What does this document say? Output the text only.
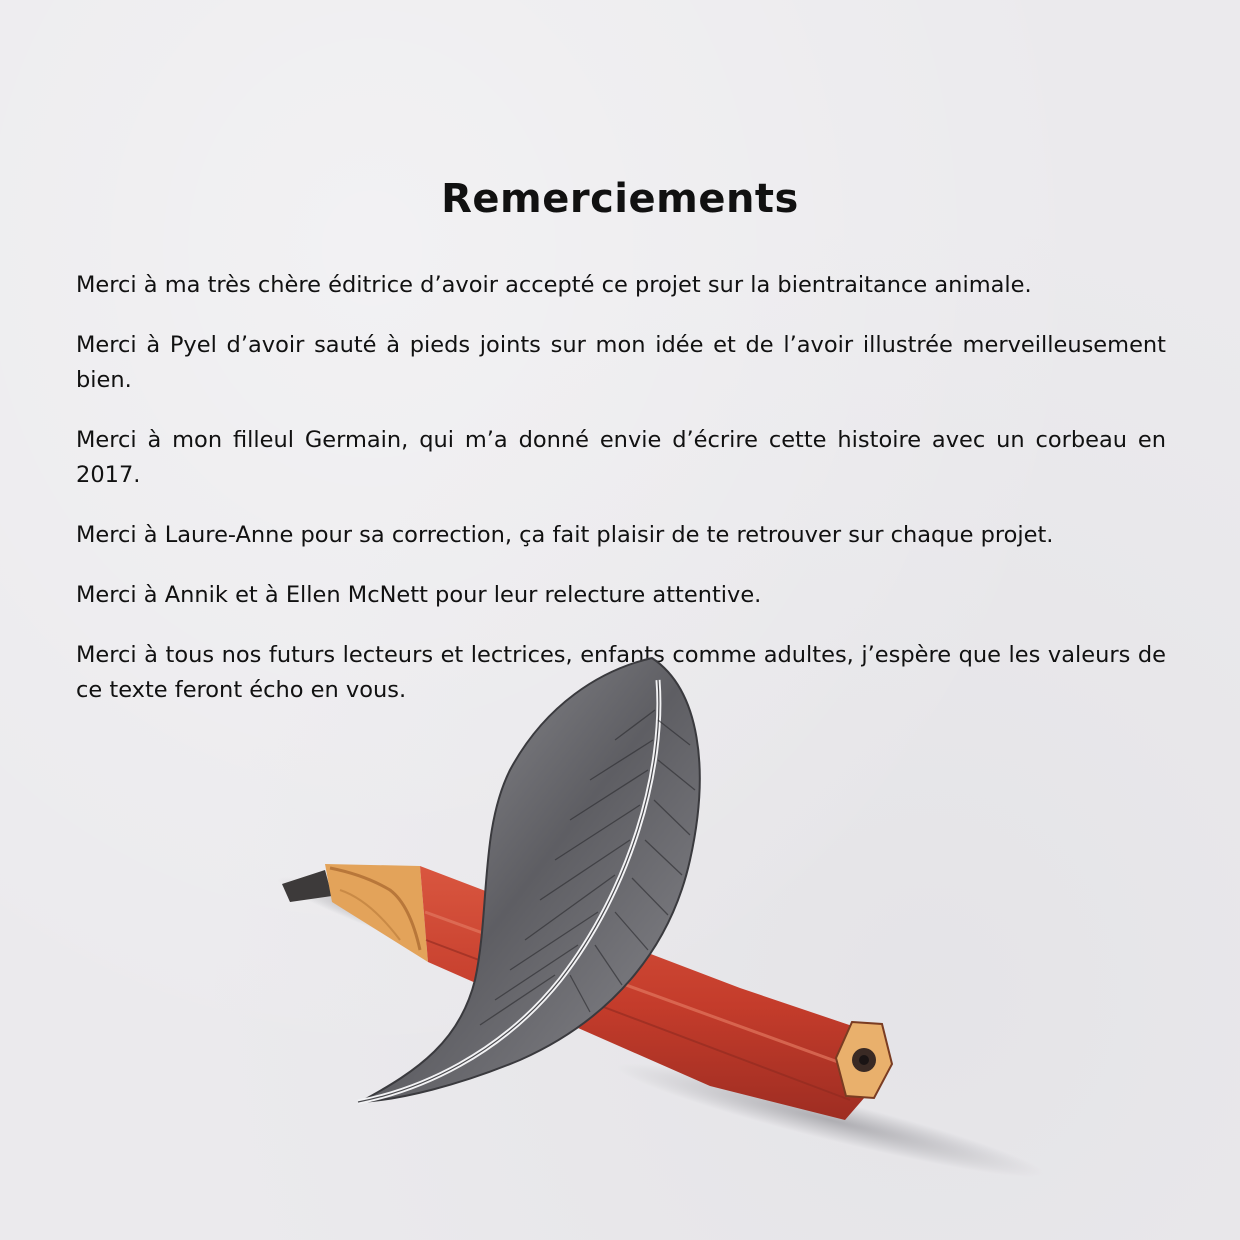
Remerciements

Merci à ma très chère éditrice d’avoir accepté ce projet sur la bientraitance animale.

Merci à Pyel d’avoir sauté à pieds joints sur mon idée et de l’avoir illustrée merveilleusement bien.

Merci à mon filleul Germain, qui m’a donné envie d’écrire cette histoire avec un corbeau en 2017.

Merci à Laure-Anne pour sa correction, ça fait plaisir de te retrouver sur chaque projet.

Merci à Annik et à Ellen McNett pour leur relecture attentive.

Merci à tous nos futurs lecteurs et lectrices, enfants comme adultes, j’espère que les valeurs de ce texte feront écho en vous.
